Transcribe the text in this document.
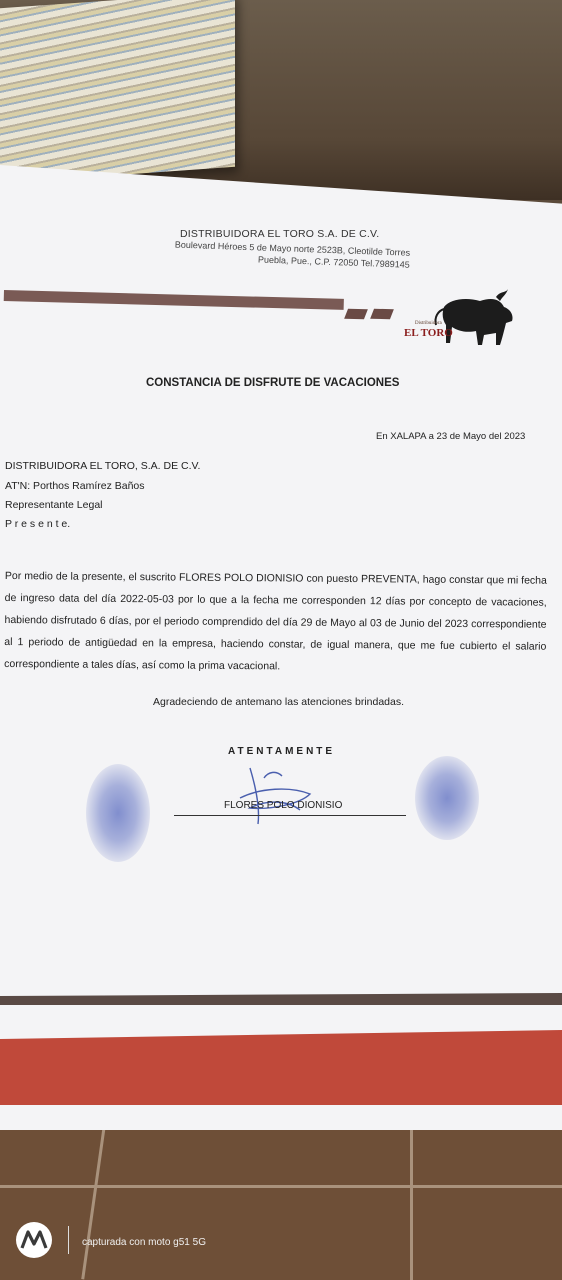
DISTRIBUIDORA EL TORO S.A. DE C.V.
Boulevard Héroes 5 de Mayo norte 2523B, Cleotilde Torres
Puebla, Pue., C.P. 72050 Tel.7989145
Distribuidora
EL TORO
CONSTANCIA DE DISFRUTE DE VACACIONES
En XALAPA a 23 de Mayo del 2023
DISTRIBUIDORA EL TORO, S.A. DE C.V.
AT'N: Porthos Ramírez Baños
Representante Legal
P r e s e n t e.
Por medio de la presente, el suscrito FLORES POLO DIONISIO con puesto PREVENTA, hago constar que mi fecha de ingreso data del día 2022-05-03 por lo que a la fecha me corresponden 12 días por concepto de vacaciones, habiendo disfrutado 6 días, por el periodo comprendido del día 29 de Mayo al 03 de Junio del 2023 correspondiente al 1 periodo de antigüedad en la empresa, haciendo constar, de igual manera, que me fue cubierto el salario correspondiente a tales días, así como la prima vacacional.
Agradeciendo de antemano las atenciones brindadas.
ATENTAMENTE
FLORES POLO DIONISIO
capturada con moto g51 5G
